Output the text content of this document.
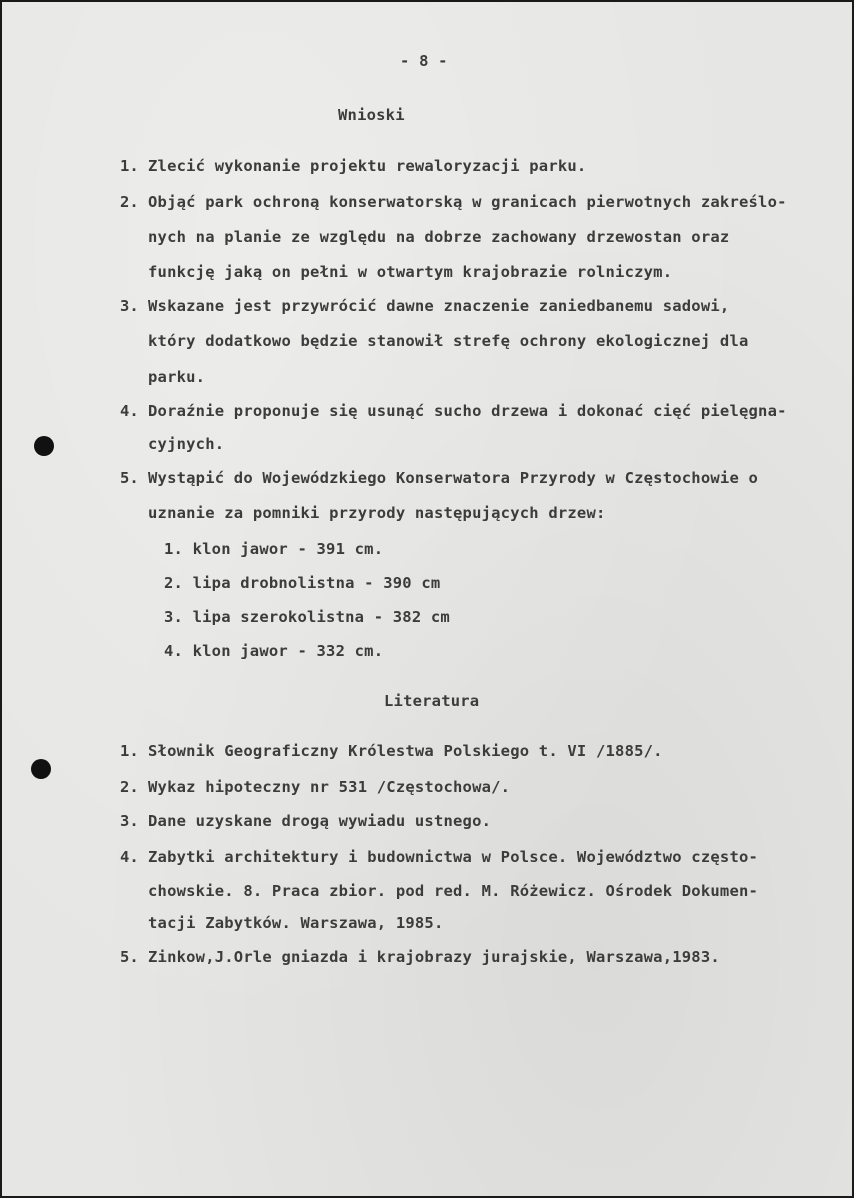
- 8 -
Wnioski
1. Zlecić wykonanie projektu rewaloryzacji parku.
2. Objąć park ochroną konserwatorską w granicach pierwotnych zakreślo-
nych na planie ze względu na dobrze zachowany drzewostan oraz
funkcję jaką on pełni w otwartym krajobrazie rolniczym.
3. Wskazane jest przywrócić dawne znaczenie zaniedbanemu sadowi,
który dodatkowo będzie stanowił strefę ochrony ekologicznej dla
parku.
4. Doraźnie proponuje się usunąć sucho drzewa i dokonać cięć pielęgna-
cyjnych.
5. Wystąpić do Wojewódzkiego Konserwatora Przyrody w Częstochowie o
uznanie za pomniki przyrody następujących drzew:
1. klon jawor - 391 cm.
2. lipa drobnolistna - 390 cm
3. lipa szerokolistna - 382 cm
4. klon jawor - 332 cm.
Literatura
1. Słownik Geograficzny Królestwa Polskiego t. VI /1885/.
2. Wykaz hipoteczny nr 531 /Częstochowa/.
3. Dane uzyskane drogą wywiadu ustnego.
4. Zabytki architektury i budownictwa w Polsce. Województwo często-
chowskie. 8. Praca zbior. pod red. M. Różewicz. Ośrodek Dokumen-
tacji Zabytków. Warszawa, 1985.
5. Zinkow,J.Orle gniazda i krajobrazy jurajskie, Warszawa,1983.
